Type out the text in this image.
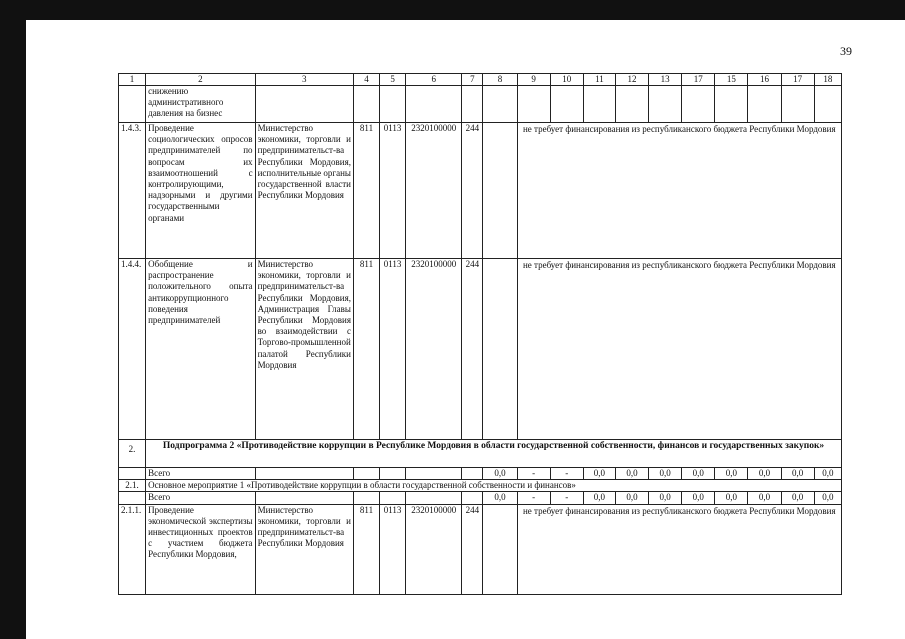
39
1	2	3	4	5	6	7	8	9	10	11	12	13	17	15	16	17	18
	снижению административного давления на бизнес																
1.4.3.	Проведение социологических опросов предпринимателей по вопросам их взаимоотношений с контролирующими, надзорными и другими государственными органами	Министерство экономики, торговли и предпринимательст-ва Республики Мордовия, исполнительные органы государственной власти Республики Мордовия	811	0113	2320100000	244		не требует финансирования из республиканского бюджета Республики Мордовия									
1.4.4.	Обобщение и распространение положительного опыта антикоррупционного поведения предпринимателей	Министерство экономики, торговли и предпринимательст-ва Республики Мордовия, Администрация Главы Республики Мордовия во взаимодействии с Торгово-промышленной палатой Республики Мордовия	811	0113	2320100000	244		не требует финансирования из республиканского бюджета Республики Мордовия									
2.	Подпрограмма 2 «Противодействие коррупции в Республике Мордовия в области государственной собственности, финансов и государственных закупок»																
	Всего						0,0	-	-	0,0	0,0	0,0	0,0	0,0	0,0	0,0	0,0
2.1.	Основное мероприятие 1 «Противодействие коррупции в области государственной собственности и финансов»																
	Всего						0,0	-	-	0,0	0,0	0,0	0,0	0,0	0,0	0,0	0,0
2.1.1.	Проведение экономической экспертизы инвестиционных проектов с участием бюджета Республики Мордовия,	Министерство экономики, торговли и предпринимательст-ва Республики Мордовия	811	0113	2320100000	244		не требует финансирования из республиканского бюджета Республики Мордовия									
